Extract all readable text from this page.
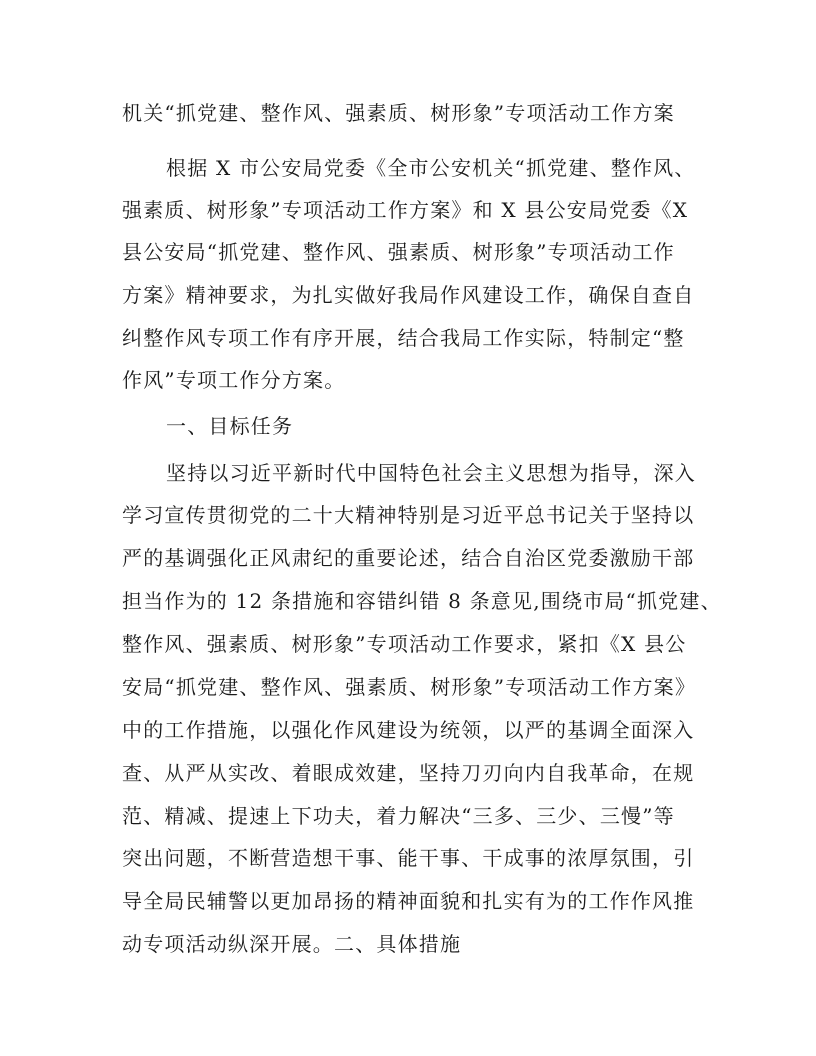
机关“抓党建、整作风、强素质、树形象”专项活动工作方案
根据 X 市公安局党委《全市公安机关“抓党建、整作风、
强素质、树形象”专项活动工作方案》和 X 县公安局党委《X
县公安局“抓党建、整作风、强素质、树形象”专项活动工作
方案》精神要求，为扎实做好我局作风建设工作，确保自查自
纠整作风专项工作有序开展，结合我局工作实际，特制定“整
作风”专项工作分方案。
一、目标任务
坚持以习近平新时代中国特色社会主义思想为指导，深入
学习宣传贯彻党的二十大精神特别是习近平总书记关于坚持以
严的基调强化正风肃纪的重要论述，结合自治区党委激励干部
担当作为的 12 条措施和容错纠错 8 条意见,围绕市局“抓党建、
整作风、强素质、树形象”专项活动工作要求，紧扣《X 县公
安局“抓党建、整作风、强素质、树形象”专项活动工作方案》
中的工作措施，以强化作风建设为统领，以严的基调全面深入
查、从严从实改、着眼成效建，坚持刀刃向内自我革命，在规
范、精减、提速上下功夫，着力解决“三多、三少、三慢”等
突出问题，不断营造想干事、能干事、干成事的浓厚氛围，引
导全局民辅警以更加昂扬的精神面貌和扎实有为的工作作风推
动专项活动纵深开展。二、具体措施
